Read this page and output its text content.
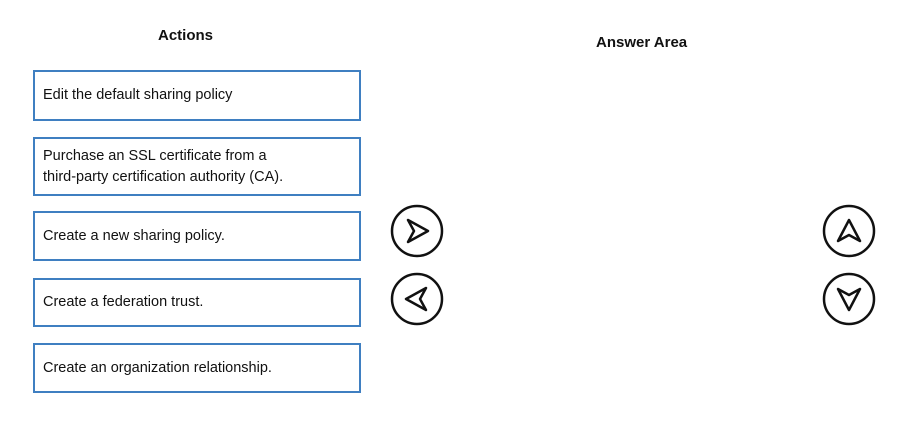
Actions	Answer Area
Edit the default sharing policy
Purchase an SSL certificate from a
third-party certification authority (CA).
Create a new sharing policy.
Create a federation trust.
Create an organization relationship.
